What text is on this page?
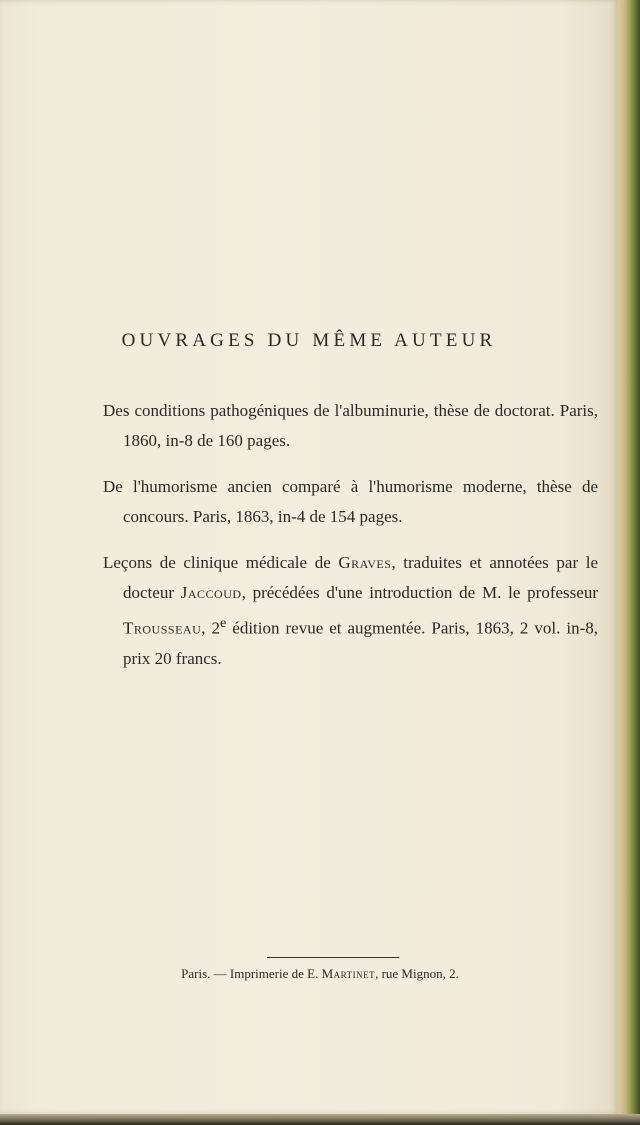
OUVRAGES DU MÊME AUTEUR

Des conditions pathogéniques de l'albuminurie, thèse de doctorat. Paris, 1860, in-8 de 160 pages.

De l'humorisme ancien comparé à l'humorisme moderne, thèse de concours. Paris, 1863, in-4 de 154 pages.

Leçons de clinique médicale de Graves, traduites et annotées par le docteur Jaccoud, précédées d'une introduction de M. le professeur Trousseau, 2e édition revue et augmentée. Paris, 1863, 2 vol. in-8, prix 20 francs.

Paris. — Imprimerie de E. Martinet, rue Mignon, 2.
